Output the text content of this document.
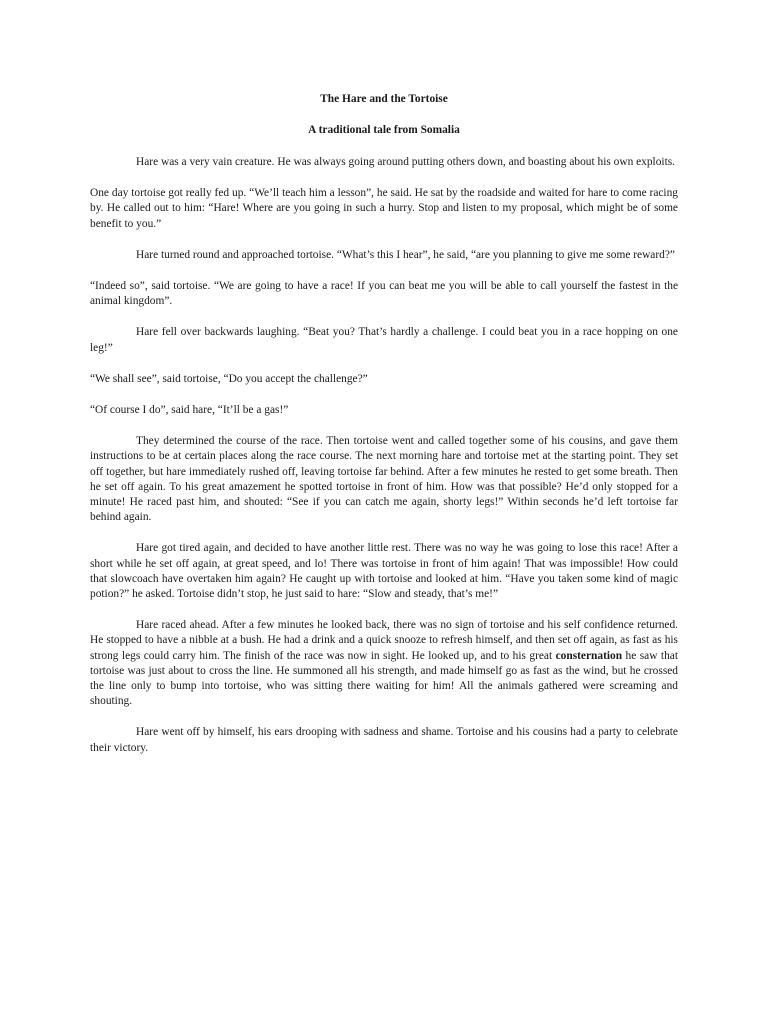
The Hare and the Tortoise

A traditional tale from Somalia

Hare was a very vain creature. He was always going around putting others down, and boasting about his own exploits.

One day tortoise got really fed up. “We’ll teach him a lesson”, he said. He sat by the roadside and waited for hare to come racing by. He called out to him: “Hare! Where are you going in such a hurry. Stop and listen to my proposal, which might be of some benefit to you.”

Hare turned round and approached tortoise. “What’s this I hear”, he said, “are you planning to give me some reward?”

“Indeed so”, said tortoise. “We are going to have a race! If you can beat me you will be able to call yourself the fastest in the animal kingdom”.

Hare fell over backwards laughing. “Beat you? That’s hardly a challenge. I could beat you in a race hopping on one leg!”

“We shall see”, said tortoise, “Do you accept the challenge?”

“Of course I do”, said hare, “It’ll be a gas!”

They determined the course of the race. Then tortoise went and called together some of his cousins, and gave them instructions to be at certain places along the race course. The next morning hare and tortoise met at the starting point. They set off together, but hare immediately rushed off, leaving tortoise far behind. After a few minutes he rested to get some breath. Then he set off again. To his great amazement he spotted tortoise in front of him. How was that possible? He’d only stopped for a minute! He raced past him, and shouted: “See if you can catch me again, shorty legs!” Within seconds he’d left tortoise far behind again.

Hare got tired again, and decided to have another little rest. There was no way he was going to lose this race! After a short while he set off again, at great speed, and lo! There was tortoise in front of him again! That was impossible! How could that slowcoach have overtaken him again? He caught up with tortoise and looked at him. “Have you taken some kind of magic potion?” he asked. Tortoise didn’t stop, he just said to hare: “Slow and steady, that’s me!”

Hare raced ahead. After a few minutes he looked back, there was no sign of tortoise and his self confidence returned. He stopped to have a nibble at a bush. He had a drink and a quick snooze to refresh himself, and then set off again, as fast as his strong legs could carry him. The finish of the race was now in sight. He looked up, and to his great consternation he saw that tortoise was just about to cross the line. He summoned all his strength, and made himself go as fast as the wind, but he crossed the line only to bump into tortoise, who was sitting there waiting for him! All the animals gathered were screaming and shouting.

Hare went off by himself, his ears drooping with sadness and shame. Tortoise and his cousins had a party to celebrate their victory.
